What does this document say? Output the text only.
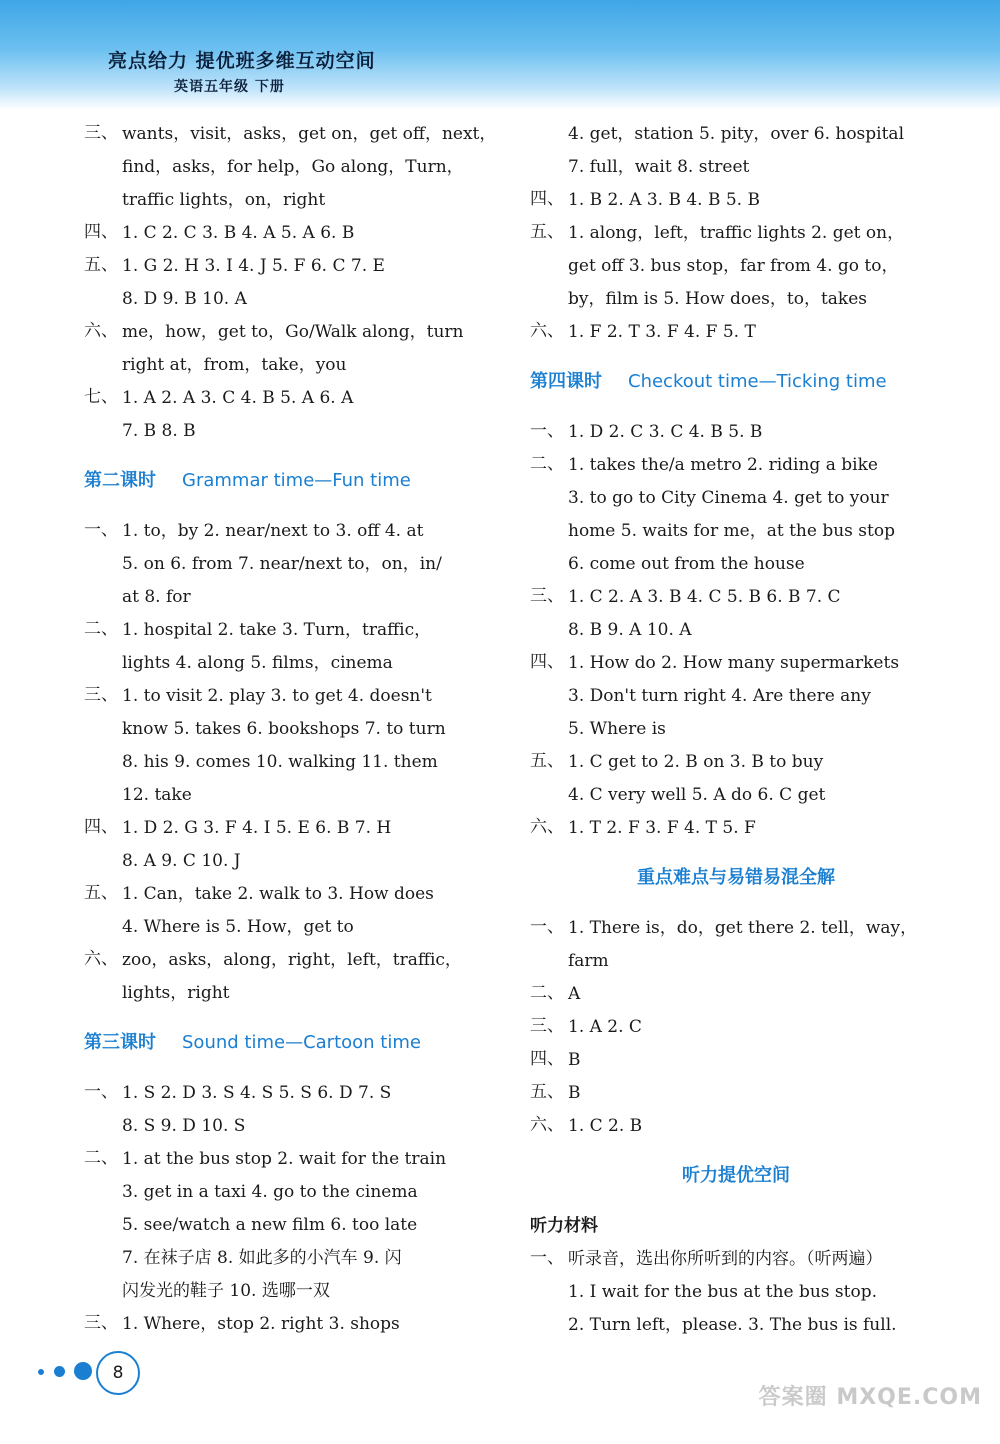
亮点给力 提优班多维互动空间
英语五年级 下册
三、 wants，visit，asks，get on，get off，next，
find，asks，for help，Go along，Turn，
traffic lights，on，right
四、 1. C 2. C 3. B 4. A 5. A 6. B
五、 1. G 2. H 3. I 4. J 5. F 6. C 7. E
8. D 9. B 10. A
六、 me，how，get to，Go/Walk along，turn
right at，from，take，you
七、 1. A 2. A 3. C 4. B 5. A 6. A
7. B 8. B
第二课时 Grammar time—Fun time
一、 1. to，by 2. near/next to 3. off 4. at
5. on 6. from 7. near/next to，on，in/
at 8. for
二、 1. hospital 2. take 3. Turn，traffic，
lights 4. along 5. films，cinema
三、 1. to visit 2. play 3. to get 4. doesn't
know 5. takes 6. bookshops 7. to turn
8. his 9. comes 10. walking 11. them
12. take
四、 1. D 2. G 3. F 4. I 5. E 6. B 7. H
8. A 9. C 10. J
五、 1. Can，take 2. walk to 3. How does
4. Where is 5. How，get to
六、 zoo，asks，along，right，left，traffic，
lights，right
第三课时 Sound time—Cartoon time
一、 1. S 2. D 3. S 4. S 5. S 6. D 7. S
8. S 9. D 10. S
二、 1. at the bus stop 2. wait for the train
3. get in a taxi 4. go to the cinema
5. see/watch a new film 6. too late
7. 在袜子店 8. 如此多的小汽车 9. 闪
闪发光的鞋子 10. 选哪一双
三、 1. Where，stop 2. right 3. shops
4. get，station 5. pity，over 6. hospital
7. full，wait 8. street
四、 1. B 2. A 3. B 4. B 5. B
五、 1. along，left，traffic lights 2. get on，
get off 3. bus stop，far from 4. go to，
by，film is 5. How does，to，takes
六、 1. F 2. T 3. F 4. F 5. T
第四课时 Checkout time—Ticking time
一、 1. D 2. C 3. C 4. B 5. B
二、 1. takes the/a metro 2. riding a bike
3. to go to City Cinema 4. get to your
home 5. waits for me，at the bus stop
6. come out from the house
三、 1. C 2. A 3. B 4. C 5. B 6. B 7. C
8. B 9. A 10. A
四、 1. How do 2. How many supermarkets
3. Don't turn right 4. Are there any
5. Where is
五、 1. C get to 2. B on 3. B to buy
4. C very well 5. A do 6. C get
六、 1. T 2. F 3. F 4. T 5. F
重点难点与易错易混全解
一、 1. There is，do，get there 2. tell，way，
farm
二、 A
三、 1. A 2. C
四、 B
五、 B
六、 1. C 2. B
听力提优空间
听力材料
一、 听录音，选出你所听到的内容。（听两遍）
1. I wait for the bus at the bus stop.
2. Turn left，please. 3. The bus is full.
8
答案圈 MXQE.COM
